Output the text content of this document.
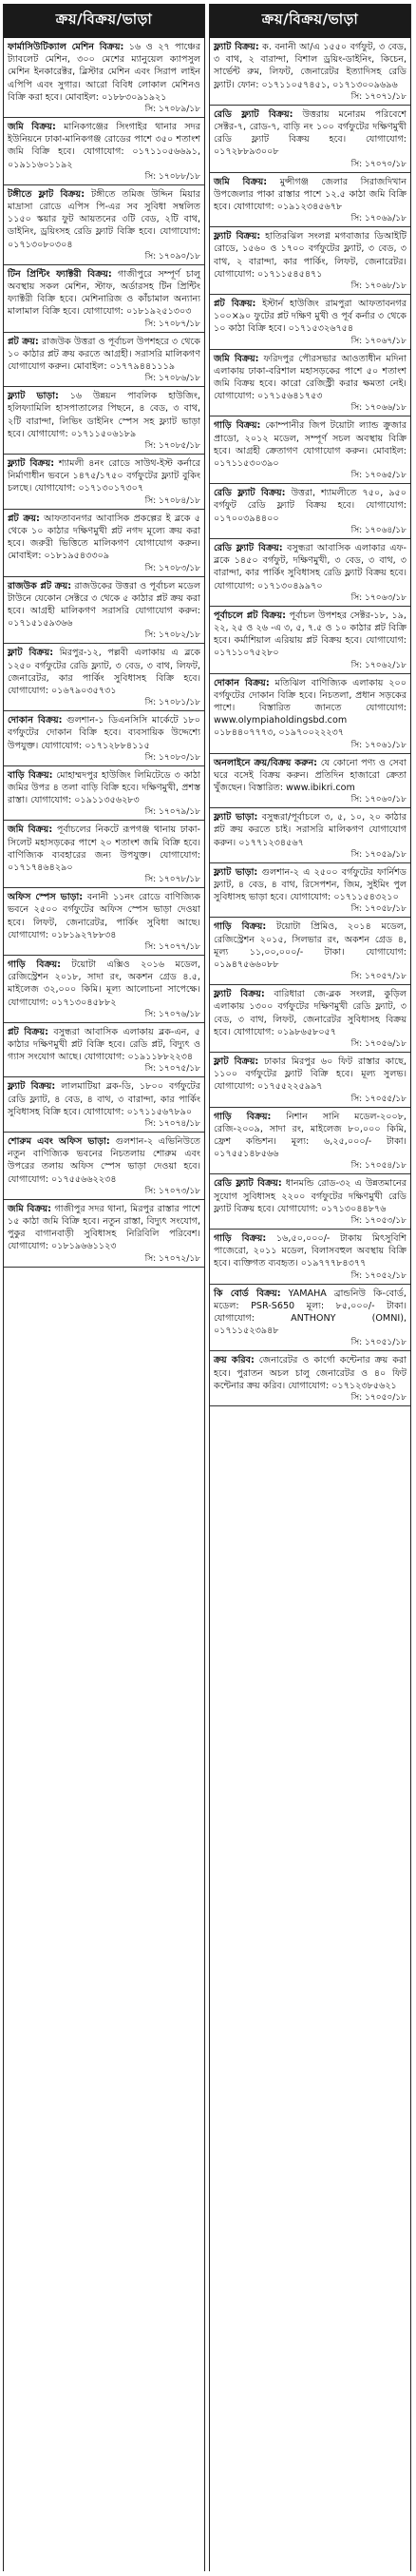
ক্রয়/বিক্রয়/ভাড়া

ফার্মাসিউটিক্যাল মেশিন বিক্রয়: ১৬ ও ২৭ পাঞ্চের ট্যাবলেট মেশিন, ৩০০ মেশের ম্যানুয়েল ক্যাপসুল মেশিন ইনকারেক্টর, ব্লিস্টার মেশিন এবং সিরাপ লাইন এপিপি এবং সুগার। আরো বিবিধ লোকাল মেশিনও বিক্রি করা হবে। মোবাইল: ০১৮৮৩০৯১৯২১

সি: ১৭০৮৯/১৮

জমি বিক্রয়: মানিকগঞ্জের সিংগাইর থানার সদর ইউনিয়নে ঢাকা-মানিকগঞ্জ রোডের পাশে ৩৫০ শতাংশ জমি বিক্রি হবে। যোগাযোগ: ০১৭১১০৫৬৬৯১, ০১৯১১৬০১১৯২

সি: ১৭০৮৮/১৮

টঙ্গীতে ফ্লাট বিক্রয়: টঙ্গীতে তমিজ উদ্দিন মিয়ার মাদ্রাসা রোডে এপিস পি-এর সব সুবিধা সম্বলিত ১১৫০ স্কয়ার ফুট আয়তনের ৩টি বেড, ২টি বাথ, ডাইনিং, ড্রয়িংসহ রেডি ফ্ল্যাট বিক্রি হবে। যোগাযোগ: ০১৭১৩০৮০৩০৪

সি: ১৭০৯০/১৮

টিন প্রিন্টিং ফ্যাক্টরী বিক্রয়: গাজীপুরে সম্পূর্ণ চালু অবস্থায় সকল মেশিন, স্টাফ, অর্ডারসহ টিন প্রিন্টিং ফ্যাক্টরী বিক্রি হবে। মেশিনারিজ ও কাঁচামাল অন্যান্য মালামাল বিক্রি হবে। যোগাযোগ: ০১৮১৯২৫১৩০৩

সি: ১৭০৮৭/১৮

প্লট ক্রয়: রাজউক উত্তরা ও পূর্বাচল উপশহরে ৩ থেকে ১০ কাঠার প্লট ক্রয় করতে আগ্রহী। সরাসরি মালিকগণ যোগাযোগ করুন। মোবাইল: ০১৭৭৯৪৪১১১৯

সি: ১৭০৮৬/১৮

ফ্ল্যাট ভাড়া: ১৬ উন্নয়ন পাবলিক হাউজিং, হলিফ্যামিলি হাসপাতালের পিছনে, ৪ বেড, ৩ বাথ, ২টি বারান্দা, লিভিং ডাইনিং স্পেস সহ ফ্ল্যাট ভাড়া হবে। যোগাযোগ: ০১৭১১৫০৬১৮৯

সি: ১৭০৮৫/১৮

ফ্ল্যাট বিক্রয়: শ্যামলী ৪নং রোডে সাউথ-ইস্ট কর্নারে নির্মাণাধীন ভবনে ১৪৭৫/১৭৫০ বর্গফুটের ফ্ল্যাট বুকিং চলছে। যোগাযোগ: ০১৭১৩০১৭৩০৭

সি: ১৭০৮৪/১৮

প্লট ক্রয়: আফতাবনগর আবাসিক প্রকল্পের ই ব্লকে ৫ থেকে ১০ কাঠার দক্ষিণমুখী প্লট নগদ মূল্যে ক্রয় করা হবে। জরুরী ভিত্তিতে মালিকগণ যোগাযোগ করুন। মোবাইল: ০১৮১৯৫৪৩৩০৯

সি: ১৭০৮৩/১৮

রাজউক প্লট ক্রয়: রাজউকের উত্তরা ও পূর্বাচল মডেল টাউনে যেকোন সেক্টরে ৩ থেকে ৫ কাঠার প্লট ক্রয় করা হবে। আগ্রহী মালিকগণ সরাসরি যোগাযোগ করুন: ০১৭১৫১৫৯৩৬৬

সি: ১৭০৮২/১৮

ফ্লাট বিক্রয়: মিরপুর-১২, পল্লবী এলাকায় এ ব্লকে ১২৫০ বর্গফুটের রেডি ফ্ল্যাট, ৩ বেড, ৩ বাথ, লিফট, জেনারেটর, কার পার্কিং সুবিধাসহ বিক্রি হবে। যোগাযোগ: ০১৬৭৯০৩৫৭৩১

সি: ১৭০৮১/১৮

দোকান বিক্রয়: গুলশান-১ ডিএনসিসি মার্কেটে ১৮০ বর্গফুটের দোকান বিক্রি হবে। ব্যবসায়িক উদ্দেশ্যে উপযুক্ত। যোগাযোগ: ০১৭১২৮৮৪১১৫

সি: ১৭০৮০/১৮

বাড়ি বিক্রয়: মোহাম্মদপুর হাউজিং লিমিটেডে ৩ কাঠা জমির উপর ৪ তলা বাড়ি বিক্রি হবে। দক্ষিণমুখী, প্রশস্ত রাস্তা। যোগাযোগ: ০১৯১১৩৫৬২৮৩

সি: ১৭০৭৯/১৮

জমি বিক্রয়: পূর্বাচলের নিকটে রূপগঞ্জ থানায় ঢাকা-সিলেট মহাসড়কের পাশে ২০ শতাংশ জমি বিক্রি হবে। বাণিজ্যিক ব্যবহারের জন্য উপযুক্ত। যোগাযোগ: ০১৭১৭৪৬৪২৯০

সি: ১৭০৭৮/১৮

অফিস স্পেস ভাড়া: বনানী ১১নং রোডে বাণিজ্যিক ভবনে ২৫০০ বর্গফুটের অফিস স্পেস ভাড়া দেওয়া হবে। লিফট, জেনারেটর, পার্কিং সুবিধা আছে। যোগাযোগ: ০১৮১৯২৭৮৮৩৪

সি: ১৭০৭৭/১৮

গাড়ি বিক্রয়: টয়োটা এক্সিও ২০১৬ মডেল, রেজিস্ট্রেশন ২০১৮, সাদা রং, অকশন গ্রেড ৪.৫, মাইলেজ ৩২,০০০ কিমি। মূল্য আলোচনা সাপেক্ষে। যোগাযোগ: ০১৭১৩০৪৫৮৮২

সি: ১৭০৭৬/১৮

প্লট বিক্রয়: বসুন্ধরা আবাসিক এলাকায় ব্লক-এন, ৫ কাঠার দক্ষিণমুখী প্লট বিক্রি হবে। রেডি প্লট, বিদ্যুৎ ও গ্যাস সংযোগ আছে। যোগাযোগ: ০১৯১১৮৮২২৩৪

সি: ১৭০৭৫/১৮

ফ্ল্যাট বিক্রয়: লালমাটিয়া ব্লক-ডি, ১৮০০ বর্গফুটের রেডি ফ্ল্যাট, ৪ বেড, ৪ বাথ, ৩ বারান্দা, কার পার্কিং সুবিধাসহ বিক্রি হবে। যোগাযোগ: ০১৭১১৫৬৭৮৯০

সি: ১৭০৭৪/১৮

শোরুম এবং অফিস ভাড়া: গুলশান-২ এভিনিউতে নতুন বাণিজ্যিক ভবনের নিচতলায় শোরুম এবং উপরের তলায় অফিস স্পেস ভাড়া দেওয়া হবে। যোগাযোগ: ০১৭৫৫৬৬২২৩৪

সি: ১৭০৭৩/১৮

জমি বিক্রয়: গাজীপুর সদর থানা, মিরপুর রাস্তার পাশে ১৫ কাঠা জমি বিক্রি হবে। নতুন রাস্তা, বিদ্যুৎ সংযোগ, পুকুর বাগানবাড়ী সুবিধাসহ নিরিবিলি পরিবেশ। যোগাযোগ: ০১৮১৯৬৬১১২৩

সি: ১৭০৭২/১৮
ক্রয়/বিক্রয়/ভাড়া

ফ্ল্যাট বিক্রয়: ক. বনানী আ/এ ১৫৫০ বর্গফুট, ৩ বেড, ৩ বাথ, ২ বারান্দা, বিশাল ড্রয়িং-ডাইনিং, কিচেন, সার্ভেন্ট রুম, লিফট, জেনারেটর ইত্যাদিসহ রেডি ফ্ল্যাট। ফোন: ০১৭১১০৫৭৪৫১, ০১৭১৩০০৯৬৯৬

সি: ১৭০৭১/১৮

রেডি ফ্ল্যাট বিক্রয়: উত্তরায় মনোরম পরিবেশে সেক্টর-৭, রোড-৭, বাড়ি নং ১০০ বর্গফুটের দক্ষিণমুখী রেডি ফ্ল্যাট বিক্রয় হবে। যোগাযোগ: ০১৭২৮৮৯৩০০৮

সি: ১৭০৭০/১৮

জমি বিক্রয়: মুন্সীগঞ্জ জেলার সিরাজদিখান উপজেলার পাকা রাস্তার পাশে ১২.৫ কাঠা জমি বিক্রি হবে। যোগাযোগ: ০১৯১২৩৪৫৬৭৮

সি: ১৭০৬৯/১৮

ফ্ল্যাট বিক্রয়: হাতিরঝিল সংলগ্ন মগবাজার ডিআইটি রোডে, ১৫৬০ ও ১৭০০ বর্গফুটের ফ্ল্যাট, ৩ বেড, ৩ বাথ, ২ বারান্দা, কার পার্কিং, লিফট, জেনারেটর। যোগাযোগ: ০১৭১১৫৪৫৪৭১

সি: ১৭০৬৮/১৮

প্লট বিক্রয়: ইস্টার্ন হাউজিং রামপুরা আফতাবনগর ১০০×৯০ ফুটের প্লট দক্ষিণ মুখী ও পূর্ব কর্নার ৩ থেকে ১০ কাঠা বিক্রি হবে। ০১৭১৫৩২৬৭৫৪

সি: ১৭০৬৭/১৮

জমি বিক্রয়: ফরিদপুর পৌরসভার আওতাধীন মদিনা এলাকায় ঢাকা-বরিশাল মহাসড়কের পাশে ৫০ শতাংশ জমি বিক্রয় হবে। কারো রেজিস্ট্রী করার ক্ষমতা নেই। যোগাযোগ: ০১৭১৫৬৪১৭৫৩

সি: ১৭০৬৬/১৮

গাড়ি বিক্রয়: কোম্পানীর জিপ টয়োটা ল্যান্ড ক্রুজার প্রাডো, ২০১২ মডেল, সম্পূর্ণ সচল অবস্থায় বিক্রি হবে। আগ্রহী ক্রেতাগণ যোগাযোগ করুন। মোবাইল: ০১৭১১৫৩০৩৯০

সি: ১৭০৬৫/১৮

রেডি ফ্ল্যাট বিক্রয়: উত্তরা, শ্যামলীতে ৭৫০, ৯৫০ বর্গফুট রেডি ফ্ল্যাট বিক্রয় হবে। যোগাযোগ: ০১৭০০৩৯৪৪০০

সি: ১৭০৬৪/১৮

রেডি ফ্ল্যাট বিক্রয়: বসুন্ধরা আবাসিক এলাকার এফ-ব্লকে ১৪৫০ বর্গফুট, দক্ষিণমুখী, ৩ বেড, ৩ বাথ, ৩ বারান্দা, কার পার্কিং সুবিধাসহ রেডি ফ্ল্যাট বিক্রয় হবে। যোগাযোগ: ০১৭১৩০৪৯৯৭০

সি: ১৭০৬৩/১৮

পূর্বাচলে প্লট বিক্রয়: পূর্বাচল উপশহর সেক্টর-১৮, ১৯, ২২, ২৫ ও ২৬ -এ ৩, ৫, ৭.৫ ও ১০ কাঠার প্লট বিক্রি হবে। কর্মাশিয়াল এরিয়ায় প্লট বিক্রয় হবে। যোগাযোগ: ০১৭১১০৭৫২৮০

সি: ১৭০৬২/১৮

দোকান বিক্রয়: মতিঝিল বাণিজ্যিক এলাকায় ২০০ বর্গফুটের দোকান বিক্রি হবে। নিচতলা, প্রধান সড়কের পাশে। বিস্তারিত জানতে যোগাযোগ: www.olympiaholdingsbd.com ০১৮৪৪০৭৭৭৩, ০১৯৭০০২২২৩৭

সি: ১৭০৬১/১৮

অনলাইনে ক্রয়/বিক্রয় করুন: যে কোনো পণ্য ও সেবা ঘরে বসেই বিক্রয় করুন। প্রতিদিন হাজারো ক্রেতা খুঁজছেন। বিস্তারিত: www.ibikri.com

সি: ১৭০৬০/১৮

ফ্ল্যাট ভাড়া: বসুন্ধরা/পূর্বাচলে ৩, ৫, ১০, ২০ কাঠার প্লট ক্রয় করতে চাই। সরাসরি মালিকগণ যোগাযোগ করুন। ০১৭৭১২৩৪৫৬৭

সি: ১৭০৫৯/১৮

ফ্ল্যাট ভাড়া: গুলশান-২ এ ২৫০০ বর্গফুটের ফার্নিশড ফ্ল্যাট, ৪ বেড, ৪ বাথ, রিসেপশন, জিম, সুইমিং পুল সুবিধাসহ ভাড়া হবে। যোগাযোগ: ০১৭১১৫৪৩২১০

সি: ১৭০৫৮/১৮

গাড়ি বিক্রয়: টয়োটা প্রিমিও, ২০১৪ মডেল, রেজিস্ট্রেশন ২০১৫, সিলভার রং, অকশন গ্রেড ৪, মূল্য ১১,০০,০০০/- টাকা। যোগাযোগ: ০১৯৪৭৫৬৬০৮৮

সি: ১৭০৫৭/১৮

ফ্ল্যাট বিক্রয়: বারিধারা জে-ব্লক সংলগ্ন, কুড়িল এলাকায় ১৩০০ বর্গফুটের দক্ষিণমুখী রেডি ফ্ল্যাট, ৩ বেড, ৩ বাথ, লিফট, জেনারেটর সুবিধাসহ বিক্রয় হবে। যোগাযোগ: ০১৯৮৬৫৮০৫৭

সি: ১৭০৫৬/১৮

ফ্লাট বিক্রয়: ঢাকার মিরপুর ৬০ ফিট রাস্তার কাছে, ১১০০ বর্গফুটের ফ্ল্যাট বিক্রি হবে। মূল্য সুলভ। যোগাযোগ: ০১৭৫৫২২৫৯৯৭

সি: ১৭০৫৫/১৮

গাড়ি বিক্রয়: নিশান সানি মডেল-২০০৮, রেজি-২০০৯, সাদা রং, মাইলেজ ৮০,০০০ কিমি, ফ্রেশ কন্ডিশন। মূল্য: ৬,২৫,০০০/- টাকা। ০১৭৫৫১৪৮৫৬৬

সি: ১৭০৫৪/১৮

রেডি ফ্ল্যাট বিক্রয়: ধানমন্ডি রোড-৩২ এ উন্নতমানের সুযোগ সুবিধাসহ ২২০০ বর্গফুটের দক্ষিণমুখী রেডি ফ্ল্যাট বিক্রয় হবে। যোগাযোগ: ০১৭১৩০৪৪৮৭৬

সি: ১৭০৫৩/১৮

গাড়ি বিক্রয়: ১৬,৫০,০০০/- টাকায় মিৎসুবিশি পাজেরো, ২০১১ মডেল, বিলাসবহুল অবস্থায় বিক্রি হবে। ব্যক্তিগত ব্যবহৃত। ০১৯৭৭৭৮৪৩৭৭

সি: ১৭০৫২/১৮

কি বোর্ড বিক্রয়: YAMAHA ব্রান্ডনিউ কি-বোর্ড, মডেল: PSR-S650 মূল্য: ৮৫,০০০/- টাকা। যোগাযোগ: ANTHONY (OMNI), ০১৭১১৫২৩৯৪৮

সি: ১৭০৫১/১৮

ক্রয় করিব: জেনারেটর ও কার্গো কন্টেনার ক্রয় করা হবে। পুরাতন অচল চালু জেনারেটর ও ৪০ ফিট কন্টেনার ক্রয় করিব। যোগাযোগ: ০১৭১২৩৮৫৬২১

সি: ১৭০৫০/১৮
